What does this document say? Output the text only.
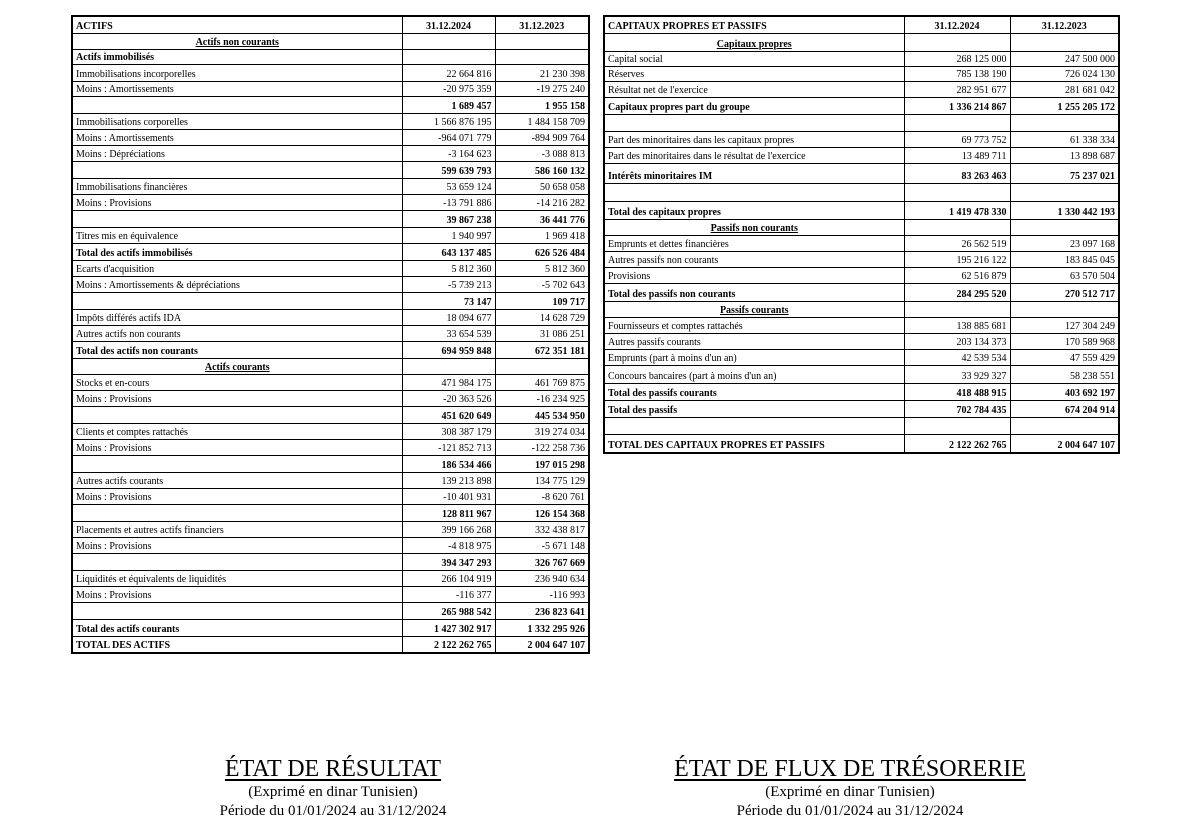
ACTIFS	31.12.2024	31.12.2023
Actifs non courants		
Actifs immobilisés		
Immobilisations incorporelles	22 664 816	21 230 398
Moins : Amortissements	-20 975 359	-19 275 240
	1 689 457	1 955 158
Immobilisations corporelles	1 566 876 195	1 484 158 709
Moins : Amortissements	-964 071 779	-894 909 764
Moins : Dépréciations	-3 164 623	-3 088 813
	599 639 793	586 160 132
Immobilisations financières	53 659 124	50 658 058
Moins : Provisions	-13 791 886	-14 216 282
	39 867 238	36 441 776
Titres mis en équivalence	1 940 997	1 969 418
Total des actifs immobilisés	643 137 485	626 526 484
Ecarts d'acquisition	5 812 360	5 812 360
Moins : Amortissements & dépréciations	-5 739 213	-5 702 643
	73 147	109 717
Impôts différés actifs IDA	18 094 677	14 628 729
Autres actifs non courants	33 654 539	31 086 251
Total des actifs non courants	694 959 848	672 351 181
Actifs courants		
Stocks et en-cours	471 984 175	461 769 875
Moins : Provisions	-20 363 526	-16 234 925
	451 620 649	445 534 950
Clients et comptes rattachés	308 387 179	319 274 034
Moins : Provisions	-121 852 713	-122 258 736
	186 534 466	197 015 298
Autres actifs courants	139 213 898	134 775 129
Moins : Provisions	-10 401 931	-8 620 761
	128 811 967	126 154 368
Placements et autres actifs financiers	399 166 268	332 438 817
Moins : Provisions	-4 818 975	-5 671 148
	394 347 293	326 767 669
Liquidités et équivalents de liquidités	266 104 919	236 940 634
Moins : Provisions	-116 377	-116 993
	265 988 542	236 823 641
Total des actifs courants	1 427 302 917	1 332 295 926
TOTAL DES ACTIFS	2 122 262 765	2 004 647 107
CAPITAUX PROPRES ET PASSIFS	31.12.2024	31.12.2023
Capitaux propres		
Capital social	268 125 000	247 500 000
Réserves	785 138 190	726 024 130
Résultat net de l'exercice	282 951 677	281 681 042
Capitaux propres part du groupe	1 336 214 867	1 255 205 172

Part des minoritaires dans les capitaux propres	69 773 752	61 338 334
Part des minoritaires dans le résultat de l'exercice	13 489 711	13 898 687
Intérêts minoritaires IM	83 263 463	75 237 021

Total des capitaux propres	1 419 478 330	1 330 442 193
Passifs non courants		
Emprunts et dettes financières	26 562 519	23 097 168
Autres passifs non courants	195 216 122	183 845 045
Provisions	62 516 879	63 570 504
Total des passifs non courants	284 295 520	270 512 717
Passifs courants		
Fournisseurs et comptes rattachés	138 885 681	127 304 249
Autres passifs courants	203 134 373	170 589 968
Emprunts (part à moins d'un an)	42 539 534	47 559 429
Concours bancaires (part à moins d'un an)	33 929 327	58 238 551
Total des passifs courants	418 488 915	403 692 197
Total des passifs	702 784 435	674 204 914

TOTAL DES CAPITAUX PROPRES ET PASSIFS	2 122 262 765	2 004 647 107
ÉTAT DE RÉSULTAT
(Exprimé en dinar Tunisien)
Période du 01/01/2024 au 31/12/2024
ÉTAT DE FLUX DE TRÉSORERIE
(Exprimé en dinar Tunisien)
Période du 01/01/2024 au 31/12/2024
